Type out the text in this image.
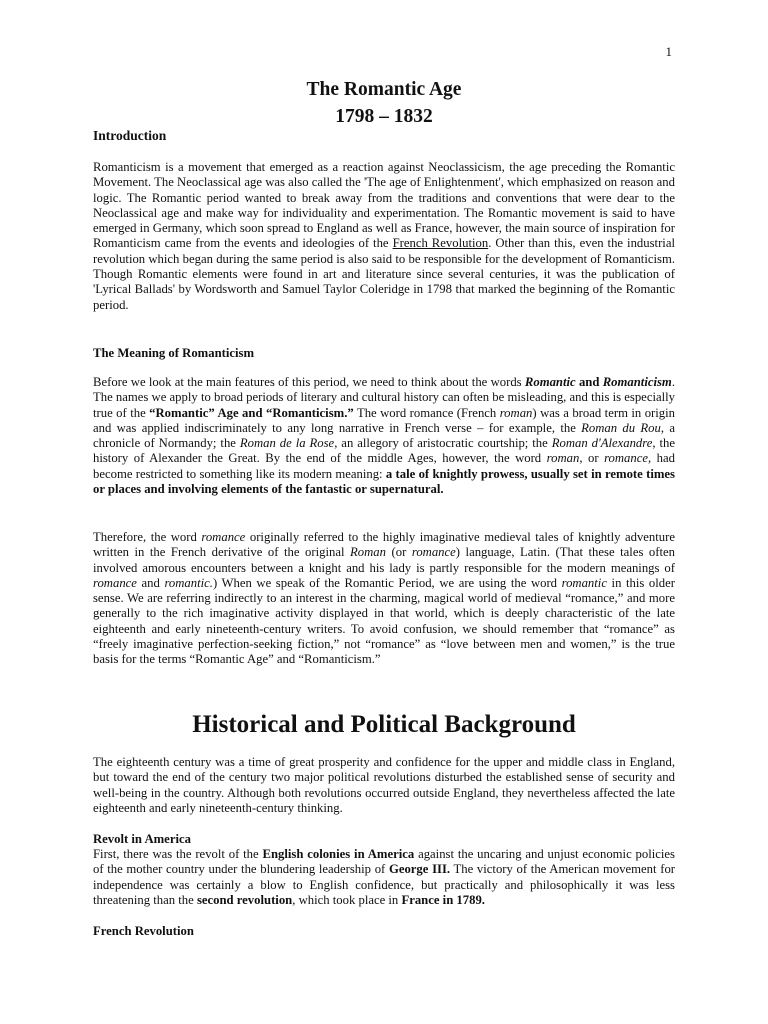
1
The Romantic Age
1798 – 1832
Introduction

Romanticism is a movement that emerged as a reaction against Neoclassicism, the age preceding the Romantic Movement. The Neoclassical age was also called the 'The age of Enlightenment', which emphasized on reason and logic. The Romantic period wanted to break away from the traditions and conventions that were dear to the Neoclassical age and make way for individuality and experimentation. The Romantic movement is said to have emerged in Germany, which soon spread to England as well as France, however, the main source of inspiration for Romanticism came from the events and ideologies of the French Revolution. Other than this, even the industrial revolution which began during the same period is also said to be responsible for the development of Romanticism. Though Romantic elements were found in art and literature since several centuries, it was the publication of 'Lyrical Ballads' by Wordsworth and Samuel Taylor Coleridge in 1798 that marked the beginning of the Romantic period.

The Meaning of Romanticism

Before we look at the main features of this period, we need to think about the words Romantic and Romanticism. The names we apply to broad periods of literary and cultural history can often be misleading, and this is especially true of the “Romantic” Age and “Romanticism.” The word romance (French roman) was a broad term in origin and was applied indiscriminately to any long narrative in French verse – for example, the Roman du Rou, a chronicle of Normandy; the Roman de la Rose, an allegory of aristocratic courtship; the Roman d'Alexandre, the history of Alexander the Great. By the end of the middle Ages, however, the word roman, or romance, had become restricted to something like its modern meaning: a tale of knightly prowess, usually set in remote times or places and involving elements of the fantastic or supernatural.

Therefore, the word romance originally referred to the highly imaginative medieval tales of knightly adventure written in the French derivative of the original Roman (or romance) language, Latin. (That these tales often involved amorous encounters between a knight and his lady is partly responsible for the modern meanings of romance and romantic.) When we speak of the Romantic Period, we are using the word romantic in this older sense. We are referring indirectly to an interest in the charming, magical world of medieval “romance,” and more generally to the rich imaginative activity displayed in that world, which is deeply characteristic of the late eighteenth and early nineteenth-century writers. To avoid confusion, we should remember that “romance” as “freely imaginative perfection-seeking fiction,” not “romance” as “love between men and women,” is the true basis for the terms “Romantic Age” and “Romanticism.”

Historical and Political Background

The eighteenth century was a time of great prosperity and confidence for the upper and middle class in England, but toward the end of the century two major political revolutions disturbed the established sense of security and well-being in the country. Although both revolutions occurred outside England, they nevertheless affected the late eighteenth and early nineteenth-century thinking.

Revolt in America

First, there was the revolt of the English colonies in America against the uncaring and unjust economic policies of the mother country under the blundering leadership of George III. The victory of the American movement for independence was certainly a blow to English confidence, but practically and philosophically it was less threatening than the second revolution, which took place in France in 1789.

French Revolution
